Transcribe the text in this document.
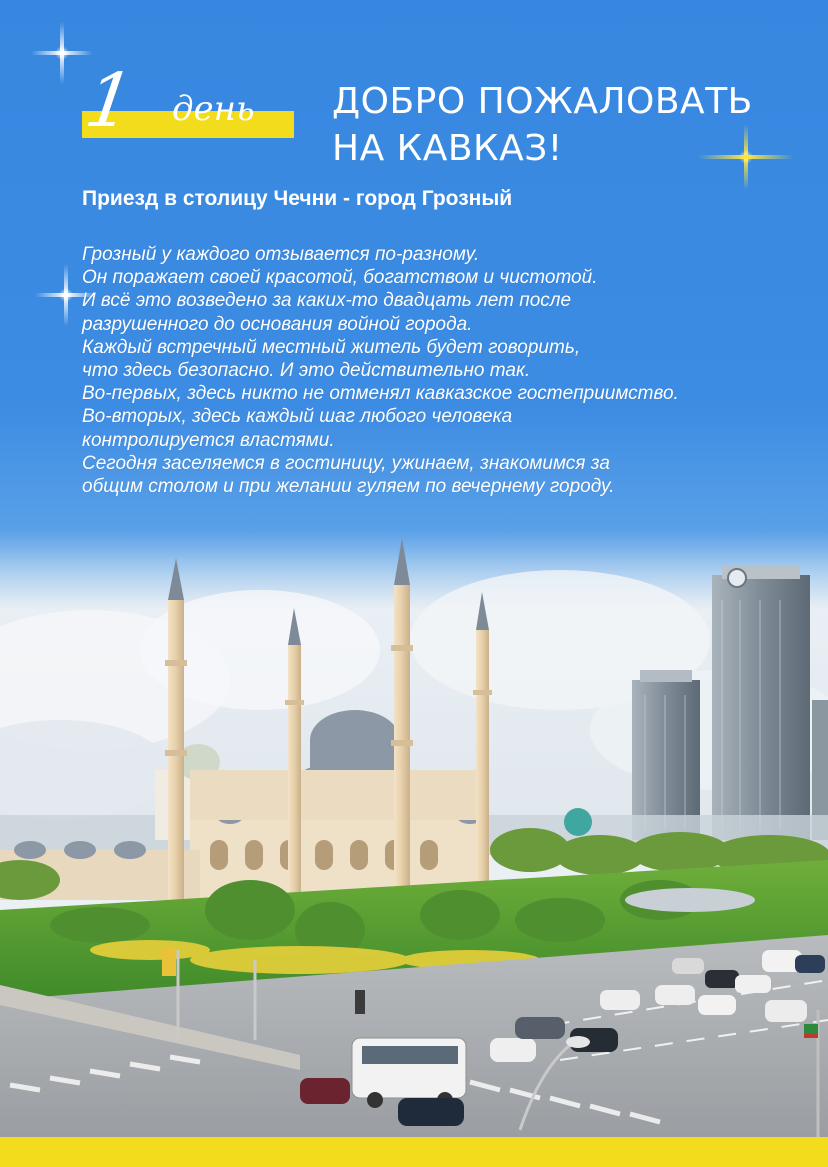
1 день ДОБРО ПОЖАЛОВАТЬ
НА КАВКАЗ!
Приезд в столицу Чечни - город Грозный
Грозный у каждого отзывается по-разному.
Он поражает своей красотой, богатством и чистотой.
И всё это возведено за каких-то двадцать лет после
разрушенного до основания войной города.
Каждый встречный местный житель будет говорить,
что здесь безопасно. И это действительно так.
Во-первых, здесь никто не отменял кавказское гостеприимство.
Во-вторых, здесь каждый шаг любого человека
контролируется властями.
Сегодня заселяемся в гостиницу, ужинаем, знакомимся за
общим столом и при желании гуляем по вечернему городу.
